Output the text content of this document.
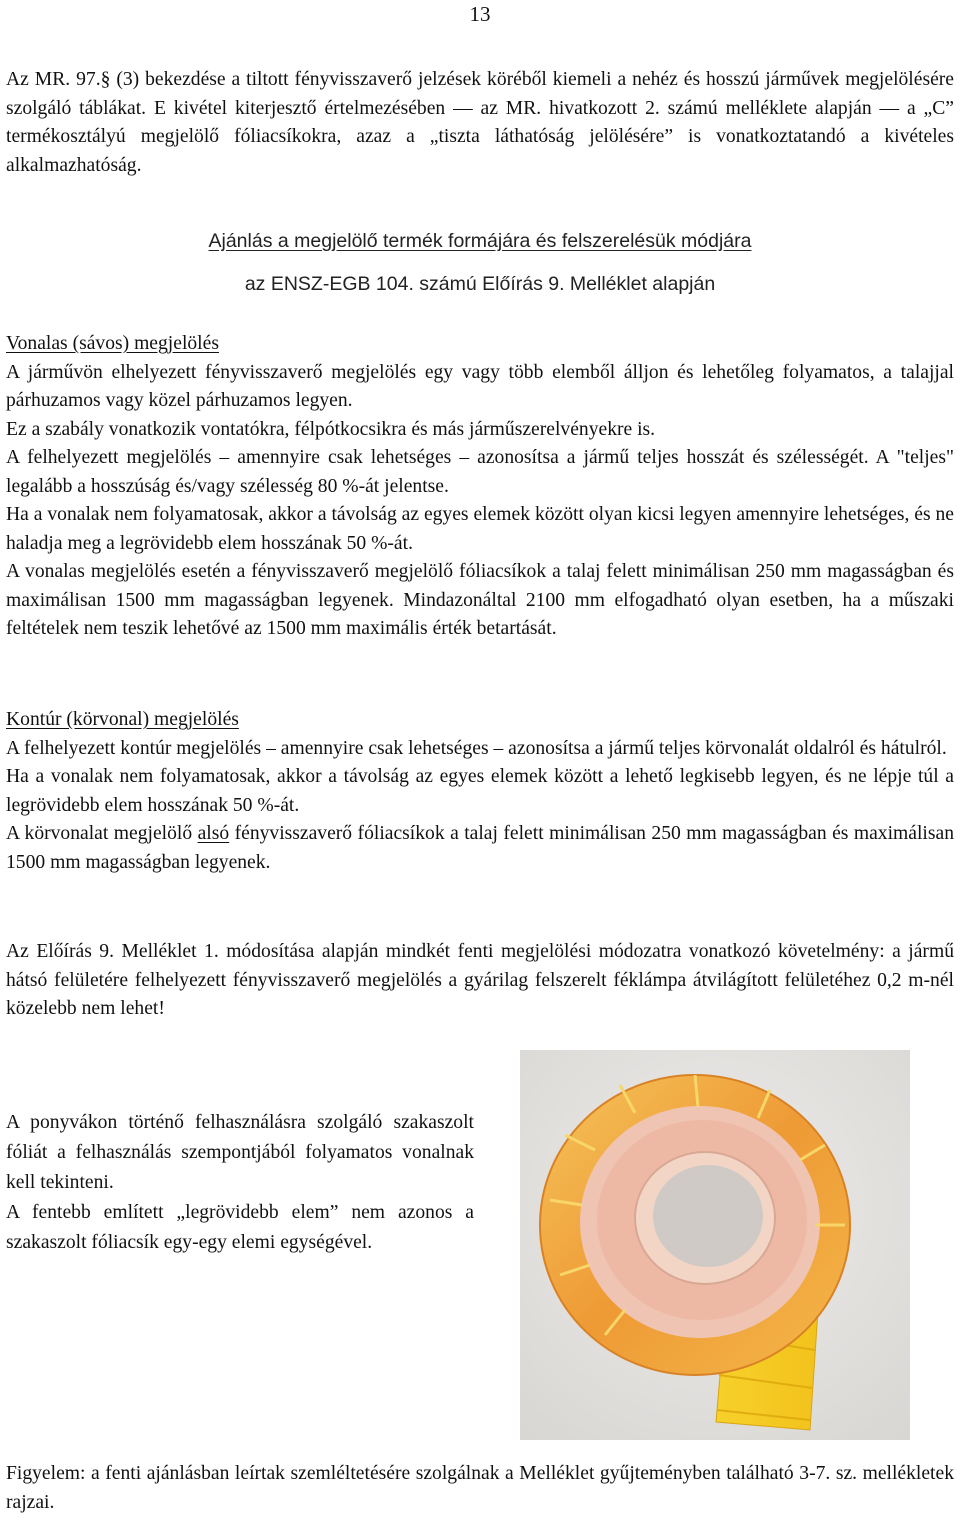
13

Az MR. 97.§ (3) bekezdése a tiltott fényvisszaverő jelzések köréből kiemeli a nehéz és hosszú járművek megjelölésére szolgáló táblákat. E kivétel kiterjesztő értelmezésében — az MR. hivatkozott 2. számú melléklete alapján — a „C” termékosztályú megjelölő fóliacsíkokra, azaz a „tiszta láthatóság jelölésére” is vonatkoztatandó a kivételes alkalmazhatóság.

Ajánlás a megjelölő termék formájára és felszerelésük módjára
az ENSZ-EGB 104. számú Előírás 9. Melléklet alapján

Vonalas (sávos) megjelölés

A járművön elhelyezett fényvisszaverő megjelölés egy vagy több elemből álljon és lehetőleg folyamatos, a talajjal párhuzamos vagy közel párhuzamos legyen.

Ez a szabály vonatkozik vontatókra, félpótkocsikra és más járműszerelvényekre is.

A felhelyezett megjelölés – amennyire csak lehetséges – azonosítsa a jármű teljes hosszát és szélességét. A "teljes" legalább a hosszúság és/vagy szélesség 80 %-át jelentse.

Ha a vonalak nem folyamatosak, akkor a távolság az egyes elemek között olyan kicsi legyen amennyire lehetséges, és ne haladja meg a legrövidebb elem hosszának 50 %-át.

A vonalas megjelölés esetén a fényvisszaverő megjelölő fóliacsíkok a talaj felett minimálisan 250 mm magasságban és maximálisan 1500 mm magasságban legyenek. Mindazonáltal 2100 mm elfogadható olyan esetben, ha a műszaki feltételek nem teszik lehetővé az 1500 mm maximális érték betartását.

Kontúr (körvonal) megjelölés

A felhelyezett kontúr megjelölés – amennyire csak lehetséges – azonosítsa a jármű teljes körvonalát oldalról és hátulról.

Ha a vonalak nem folyamatosak, akkor a távolság az egyes elemek között a lehető legkisebb legyen, és ne lépje túl a legrövidebb elem hosszának 50 %-át.

A körvonalat megjelölő alsó fényvisszaverő fóliacsíkok a talaj felett minimálisan 250 mm magasságban és maximálisan 1500 mm magasságban legyenek.

Az Előírás 9. Melléklet 1. módosítása alapján mindkét fenti megjelölési módozatra vonatkozó követelmény: a jármű hátsó felületére felhelyezett fényvisszaverő megjelölés a gyárilag felszerelt féklámpa átvilágított felületéhez 0,2 m-nél közelebb nem lehet!

A ponyvákon történő felhasználásra szolgáló szakaszolt fóliát a felhasználás szempontjából folyamatos vonalnak kell tekinteni.

A fentebb említett „legrövidebb elem” nem azonos a szakaszolt fóliacsík egy-egy elemi egységével.

Figyelem: a fenti ajánlásban leírtak szemléltetésére szolgálnak a Melléklet gyűjteményben található 3-7. sz. mellékletek rajzai.
